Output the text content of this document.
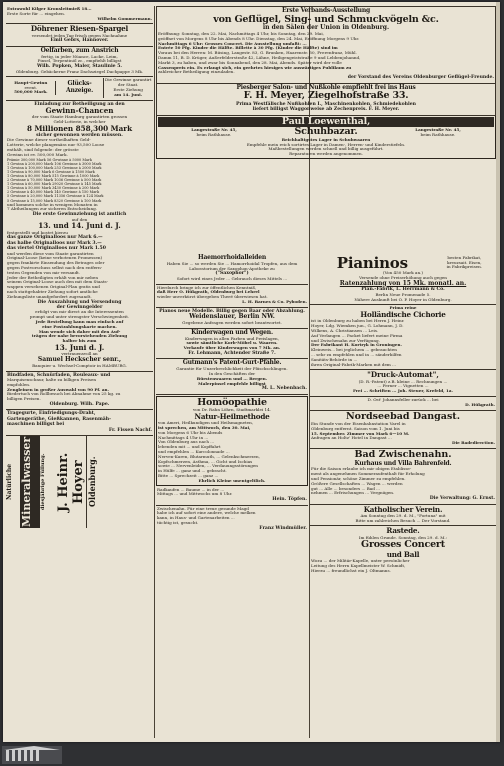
Extrawohl Kilger Kronsleitmieß 18...

Erste Sorte für ... eingehen.

Wilhelm Gommermann.

Döhrener Riesen-Spargel

versendet jeden Tag frisch gegen Nachnahme

Emil Gebrs, Hannover.

Oelfarben, zum Anstrich

fertig, in jeder Nüance, Lacke, Leim,

Pinsel, Terpentinöl zc., empfiehlt billigst

Wilh. Popken, Maler, Staulinie 5.

Oldenburg. Gebäckerne Franz Dachsziegel Dachpappe 3 Mk.

Haupt-Gewinn

event.

500,000 Mark.

Glücks-Anzeige.

Die Gewinne garantirt der Staat.

Erste Ziehung

am 14. Juni.

Einladung zur Betheiligung an den

Gewinn-Chancen

der vom Staate Hamburg garantirten grossen

Geld-Lotterie, in welcher

8 Millionen 858,300 Mark

sicher gewonnen werden müssen.

Die Gewinne dieser vortheilhaften Geld-

Lotterie, welche plangemäss nur 93,500 Loose

enthält, sind folgende: der grösste

Gewinn ist ev. 500,000 Mark.

Prämie 300,000 Mark 56 Gewinne à 5000 Mark

1 Gewinn à 200,000 Mark 106 Gewinne à 3000 Mark

1 Gewinn à 100,000 Mark 253 Gewinne à 2000 Mark

1 Gewinn à 90,000 Mark 6 Gewinne à 1500 Mark

1 Gewinn à 80,000 Mark 515 Gewinne à 1000 Mark

2 Gewinne à 70,000 Mark 1036 Gewinne à 500 Mark

1 Gewinn à 60,000 Mark 29020 Gewinne à 145 Mark

1 Gewinn à 50,000 Mark 3430 Gewinne à 200 Mark

2 Gewinne à 40,000 Mark 140 Gewinne à 150 Mark

5 Gewinne à 20,000 Mark 11356 Gewinne à 124 Mark

5 Gewinne à 15,000 Mark 8320 Gewinne à 100 Mark

und kommen solche in wenigen Monaten in

7 Abtheilungen zur sicheren Entscheidung.

Die erste Gewinnziehung ist amtlich

auf den

13. und 14. Juni d. J.

festgestellt und kostet hierzu

das ganze Originalloos nur Mark 6.—

das halbe Originalloos nur Mark 3.—

das viertel Originalloos nur Mark 1.50

und werden diese vom Staate garantirten

Original-Loose (keine verbotenen Promessen)

gegen frankirte Einsendung des Betrages oder

gegen Postvorschuss selbst nach den entfern-

testen Gegenden von mir versandt.

Jeder der Betheiligten erhält von mir neben

seinem Original-Loose auch den mit dem Staats-

wappen versehenen Original-Plan gratis und

nach stattgehabter Ziehung sofort amtliche

Ziehungsliste unaufgefordert zugesandt.

Die Auszahlung und Versendung

der Gewinngelder

erfolgt von mir direct an die Interessenten

prompt und unter strengster Verschwiegenheit.

Jede Bestellung kann man einfach auf

eine Postzahlungskarte machen.

Man wende sich daher mit den Auf-

trägen der nahe bevorstehenden Ziehung

halber bis zum

13. Juni d. J.

vertrauensvoll an

Samuel Heckscher senr.,

Banquier u. Wechsel-Comptoir in HAMBURG.

Bindfaden, Schnürfaden, Rouleaux- und

Marquisenschnur, halte zu billigen Preisen

empfohlen.

Zengleinen in großer Auswahl von 90 Pf. an.

Biedertuch von Rollbesuch bei Abnahme von 25 kg. zu

billigen Preisen.

Oldenburg. Wilh. Pape.

Tragegurte, Einfriedigungs-Draht,

Gartengeräthe, Gießkannen, Rasenmäh-

maschinen billigst bei

Fr. Fissen Nachf.

Natürliche Mineralwasser	diesjährige Füllung. J. Heinr. Hoyer Oldenburg.

Erste Verbands-Ausstellung

von Geflügel, Sing- und Schmuckvögeln &c.

in den Sälen der Union in Oldenburg.

Eröffnung: Sonntag, den 22. Mai, Nachmittags 4 Uhr, bis Sonntag, den 29. Mai,

geöffnet von Morgens 8 Uhr bis Abends 8 Uhr. Dienstag, den 24. Mai, Eröffnung Morgens 9 Uhr.

Nachmittags 6 Uhr: Grosses Concert. Die Ausstellung umfaßt: ...

Entrée 50 Pfg. Kinder die Hälfte. Billette à 30 Pfg. (Kinder die Hälfte) sind im

Voraus bei den Herren: M. Büsing, Langestr. 83, G. Brunken, Haarenstr. 50, Frerenfranz, Mühl.

Damm 11, B. D. Krüger, Außerfelderstraße 42, Lähne, Heiligengeiststraße 9 und Lebbenjohannd,

Markt 3, zu haben, und zwar bis Sonnabend, den 28. Mai, Abends. Später wird der volle

Cassenpreis ein. Es erlangt sich, ein geehrtes hiesiges wie auswärtiges Publikum zu

zahlreicher Betheiligung einzuladen.

der Vorstand des Vereins Oldenburger Geflügel-Freunde.

Piesberger Salon- und Nußkohle empfiehlt frei ins Haus

F. H. Meyer, Ziegelhofstraße 33.

Prima Westfälische Nußkohlen I., Maschinenkohlen, Schmiedekohlen

liefert billigst Waggonweise ab Zechenpreis. F. H. Meyer.

Paul Loewenthal,

Langestraße Nr. 45,

beim Rathhause.	Schuhbazar.	Langestraße Nr. 45,

beim Rathhause.

Reichhaltigstes Lager in Schuhwaaren

Empfehle mein reich sortirtes Lager in Damen-, Herren- und Kinderstiefeln.

Maßbestellungen werden schnell und billig ausgeführt.

Reparaturen werden angenommen.

Haemorrhoidalleiden

Haben Sie ... so werden Sie ... Hamorrhoidal Tropfen, aus dem Laboratorium der Saxophon-Apotheke zu

("Saxophor")

Sofort wird eines Jeder ... Gebrauch dieses Mittels ...

Hierdurch bringe ich zur öffentlichen Kenntniß,

daß Herr O. Hükgrath, Oldenburg bei Lehrel

wieder unverkürzt übergeben Theeë überwiesen hat.

L. H. Barnes & Co. Pyboden.

Pianos neue Modelle. Billig gegen Baar oder Abzahlung.

Weidenslauer, Berlin NW.

Gegebene Anfragen werden sofort beantwortet.

Kinderwagen und Wegen.

Kinderwagen in allen Farben und Preislagen,

sowie sämtliche Korb-Möbel u. Waaren.

Verkaufe über Kinderwagen von 7 Mk. an.

Fr. Lehmann, Achtender Straße 7.

Gutmann's Patent-Gurt-Pfähle.

Garantie für Unzerbrechlichkeit der Plüschschlingen.

In den Geschäften der

Bürstenwaaren und ... Bergen.

Malerpinsel empfehle billigst

M. L. Nebenbach.

Homöopathie

von Dr. Rahn Löhrn, Stadtmarklei 14.

Natur-Heilmethode

von Ameri, Heilkundigen und Heilsmagneten,

ist sprechen, am Mittwoch, den 30. Mai,

von Morgens 6 Uhr bis Abends

Nachmittags 4 Uhr in ...

Von Oldenburg aus nach ...

lebenden mit ... und Kopffahrt

und empfehlen ... Kurcolonnade ...

Nerven-Kuren, Blutarmuth, ... Gelenkschmerzen,

Kopfschmerzen, Asthma, ... Gicht und Ischias

sowie ... Nervenleiden, ... Verdauungsstörungen

in Hülfe ... ganz und ... gebracht.

Bitte ... Sprechzeit ... ganz ...

Ehrlich Kleine unentgeltlich.

Radkaufen ... Baume ... in der ...

Mittags ... und Mittwochs um 8 Uhr.

Hein. Töpfen.

Zwischenahn. Für eine treue gesunde Magd

habe ich auf sofort eine andere, welche melken

kann, in Haus- und Gartenarbeiten ...

tüchtig ist, gesucht.

Franz Windmüller.

Pianinos	besten Fabrikat,

kreuzsait. Eisen,

in Fabrikpreisen.

(Von 450 Mark an.)

Versende ohne Preiserhöhung auch gegen

Ratenzahlung von 15 Mk. monatl. an.

Pian.-Fabrik, L. Herrmann & Co.

Berlin Neue Promenade 5.

Nähere Auskunft bei O. P. Hoyer in Oldenburg.

Prima reine

Holländische Cichorie

ist in Oldenburg zu haben bei Herrn J. Heinr.

Hoyer, Ldg. Wiemken jun., G. Lohmann, J. D.

Wilkens, A. Christiansen ... Leis.

Auf Verlangen ... Packet liefert meine Firma

und Zwischenahn zur Verfügung.

Der Fabrikant H. Kortryk in Groningen.

Kleinweis... bei jeglichem ... gebrauchten

... sehr zu empfehlen und in ... sänderhilfen

Sanitäts-Behörde in ...

ihren Original-Fabrik-Marken mit dem ...

"Druck-Automat",

(D. R.-Patent) z.B. kleine ... Rechnungen ...

... Ferner ... Vignetten ...

Frei ... Schriften ... Joh. Steuer, Krefeld, 1a.

D. Ost' Johannsfeller zurück ... bei

D. Hükgrath.

Nordseebad Dangast.

Ein Stunde von der Eisenbahnstation Varel in

Oldenburg entfernt. Saison vom 1. Juni bis

15. September. Zimmer von Mark 6—10 M.

Anfragen an Holtz' Hotel in Dangast ...

Die Badedirection.

Bad Zwischenahn.

Kurhaus und Villa Bahrenfeld.

Für die Saison erlaube ich mir obigen Etablisse-

ment als angenehmen Sommeraufenthalt für Erholung

und Pensionär, schöne Zimmer zu empfehlen.

Größere Gesellschaften ... Wagen ... werden

gut ... Alle ... besonders ... Bad ...

nehmen ... Erfrischungen ... Vergnügen.

Die Verwaltung: G. Ernst.

Katholischer Verein.

Am Sonntag den 29. d. M., "Fortuna" mit

Bitte um zahlreichen Besuch ... Der Vorstand.

Rastede.

Im fühlen Grunde. Sonntag, den 29. d. M.:

Grosses Concert

und Ball

Wozu ... der Militär-Kapelle, unter persönlicher

Leitung des Herrn Kapellmeister W. Schmidt,

Hierzu ... freundlichst ein J. Oltmanns.
